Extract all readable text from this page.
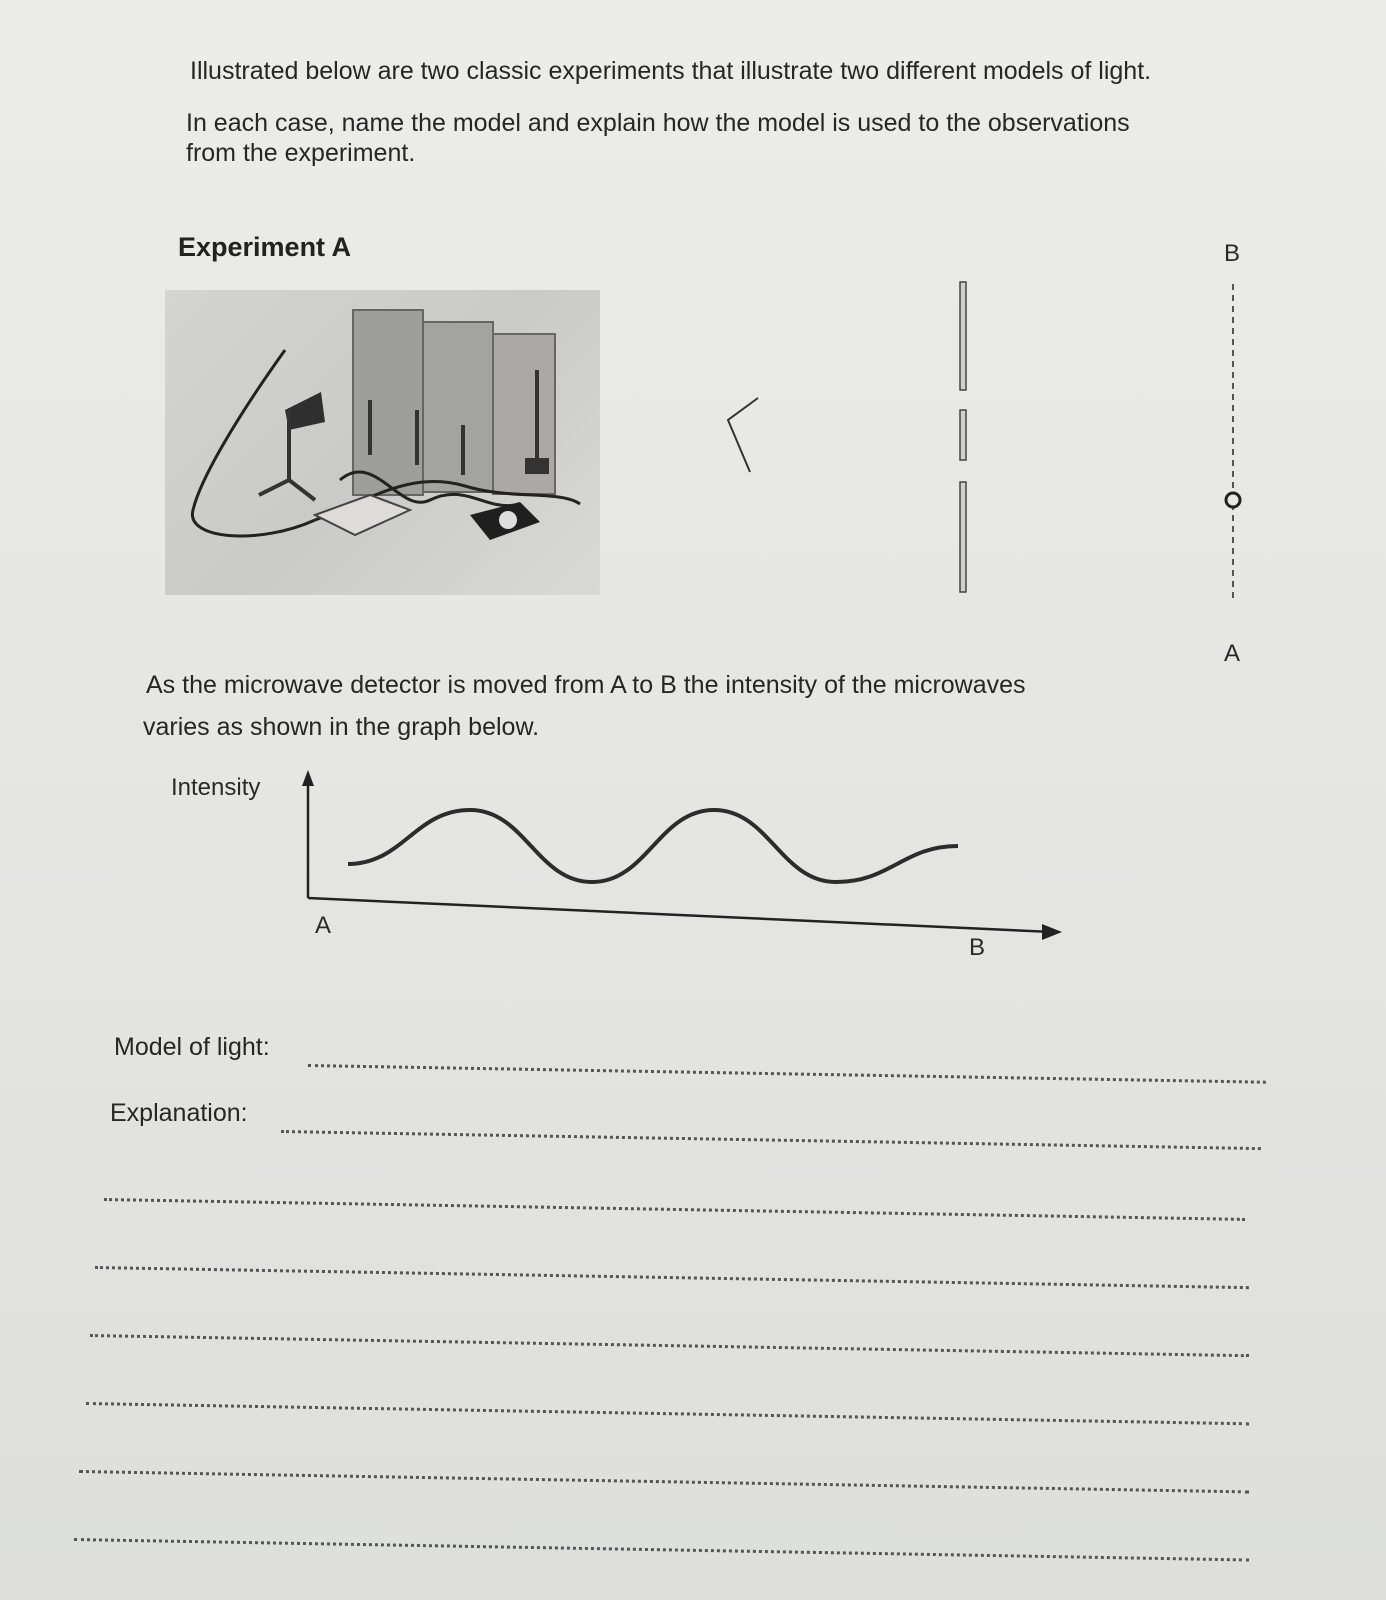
Illustrated below are two classic experiments that illustrate two different models of light.
In each case, name the model and explain how the model is used to the observations
from the experiment.
Experiment A	B
A
As the microwave detector is moved from A to B the intensity of the microwaves
varies as shown in the graph below.
Intensity
A
B
Model of light:
Explanation:
